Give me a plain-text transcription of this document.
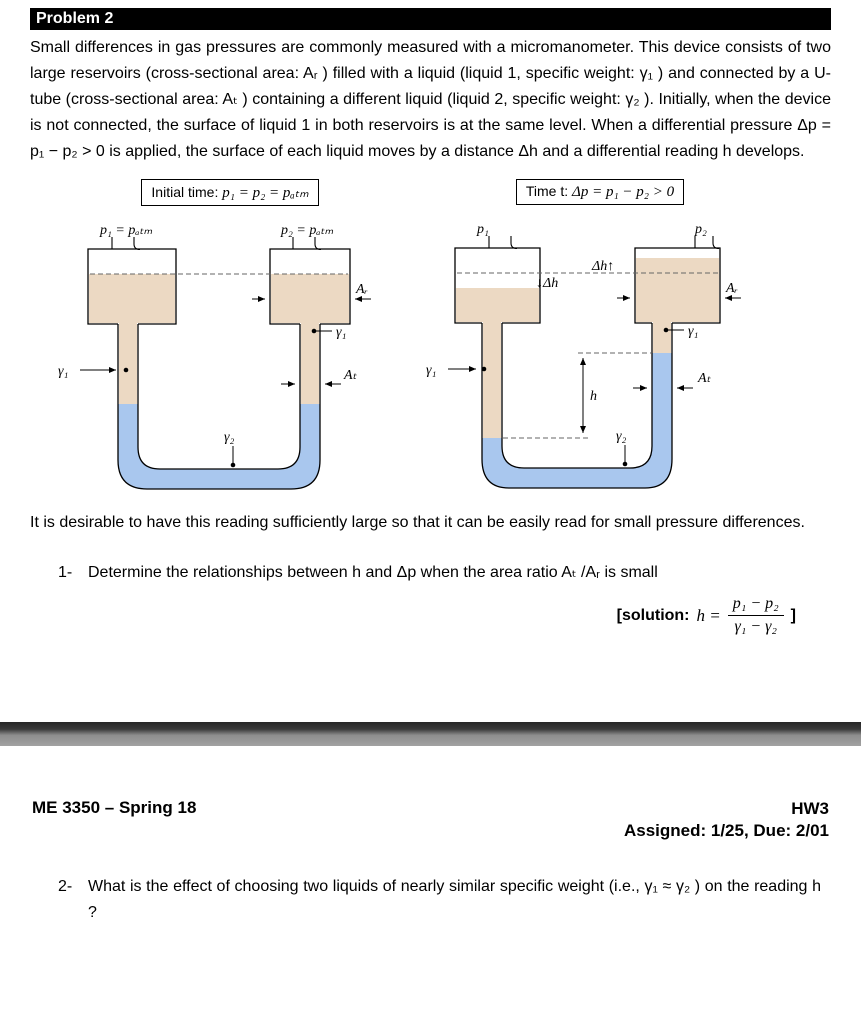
Problem 2
Small differences in gas pressures are commonly measured with a micromanometer. This device consists of two large reservoirs (cross-sectional area: Aᵣ ) filled with a liquid (liquid 1, specific weight: γ₁ ) and connected by a U-tube (cross-sectional area: Aₜ ) containing a different liquid (liquid 2, specific weight: γ₂ ). Initially, when the device is not connected, the surface of liquid 1 in both reservoirs is at the same level. When a differential pressure Δp = p₁ − p₂ > 0 is applied, the surface of each liquid moves by a distance Δh and a differential reading h develops.
Initial time: p₁ = p₂ = pₐₜₘ
p₁ = pₐₜₘ	p₂ = pₐₜₘ
Aᵣ
γ₁
Aₜ
γ₁
γ₂
Time t: Δp = p₁ − p₂ > 0
p₁	p₂
↓Δh
Δh↑
h
Aᵣ
Aₜ
γ₁
γ₁
γ₂
It is desirable to have this reading sufficiently large so that it can be easily read for small pressure differences.
1- Determine the relationships between h and Δp when the area ratio Aₜ /Aᵣ is small
[solution: $h = \frac{\text{p₁ − p₂}}{\text{γ₁ − γ₂}}$ ]
ME 3350 – Spring 18	HW3
Assigned: 1/25, Due: 2/01
2- What is the effect of choosing two liquids of nearly similar specific weight (i.e., γ₁ ≈ γ₂ ) on the reading h ?
